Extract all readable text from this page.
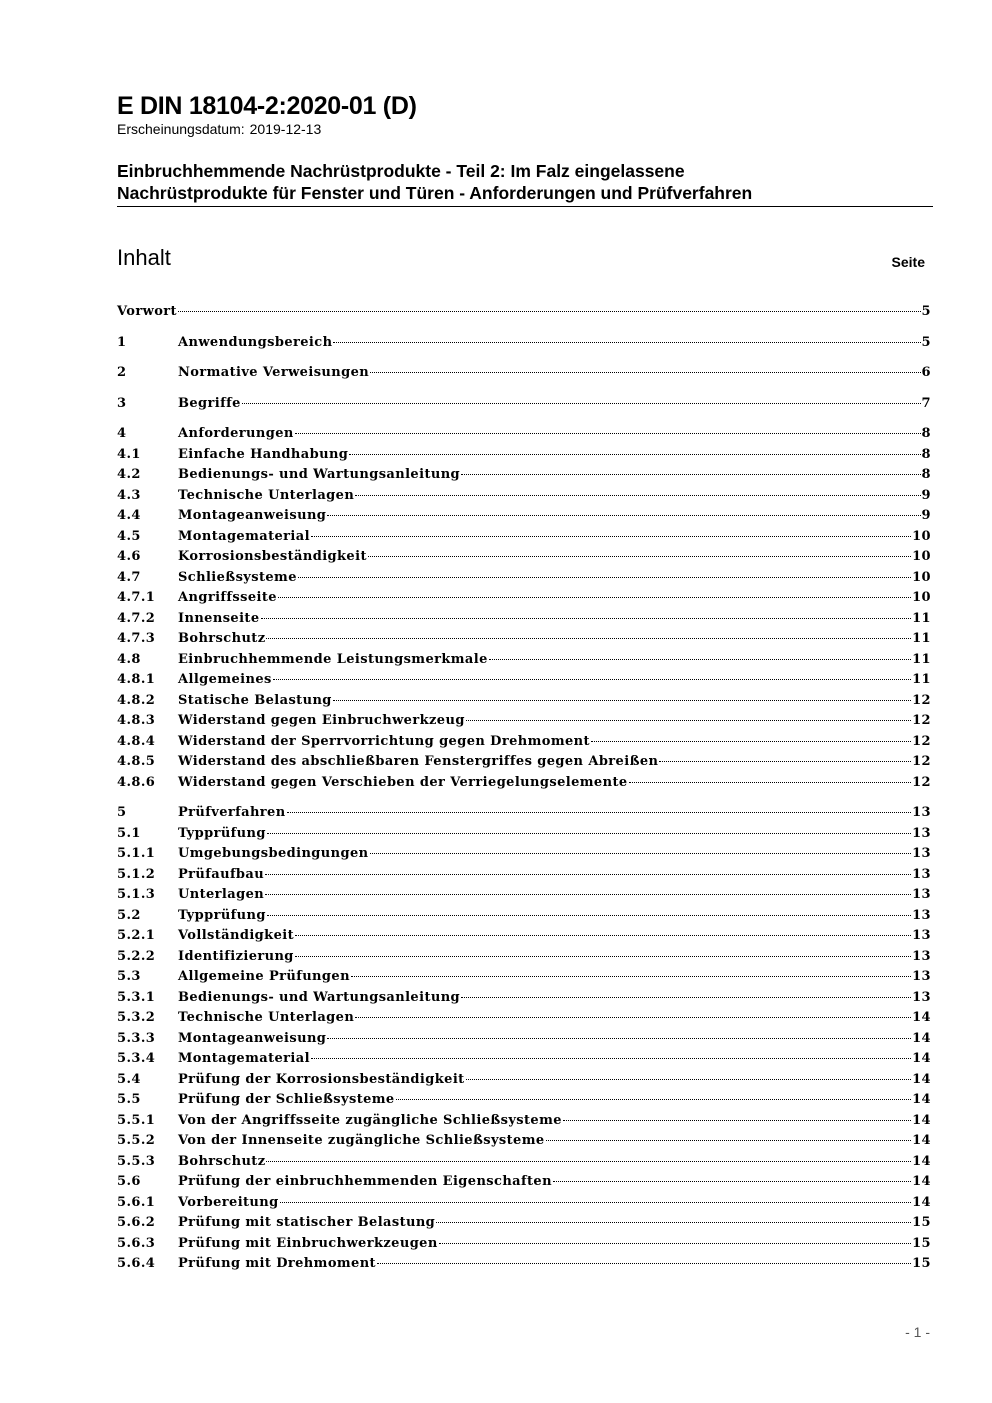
E DIN 18104-2:2020-01 (D)
Erscheinungsdatum: 2019-12-13
Einbruchhemmende Nachrüstprodukte - Teil 2: Im Falz eingelassene
Nachrüstprodukte für Fenster und Türen - Anforderungen und Prüfverfahren
Inhalt	Seite
Vorwort	5
1	Anwendungsbereich	5
2	Normative Verweisungen	6
3	Begriffe	7
4	Anforderungen	8
4.1	Einfache Handhabung	8
4.2	Bedienungs- und Wartungsanleitung	8
4.3	Technische Unterlagen	9
4.4	Montageanweisung	9
4.5	Montagematerial	10
4.6	Korrosionsbeständigkeit	10
4.7	Schließsysteme	10
4.7.1	Angriffsseite	10
4.7.2	Innenseite	11
4.7.3	Bohrschutz	11
4.8	Einbruchhemmende Leistungsmerkmale	11
4.8.1	Allgemeines	11
4.8.2	Statische Belastung	12
4.8.3	Widerstand gegen Einbruchwerkzeug	12
4.8.4	Widerstand der Sperrvorrichtung gegen Drehmoment	12
4.8.5	Widerstand des abschließbaren Fenstergriffes gegen Abreißen	12
4.8.6	Widerstand gegen Verschieben der Verriegelungselemente	12
5	Prüfverfahren	13
5.1	Typprüfung	13
5.1.1	Umgebungsbedingungen	13
5.1.2	Prüfaufbau	13
5.1.3	Unterlagen	13
5.2	Typprüfung	13
5.2.1	Vollständigkeit	13
5.2.2	Identifizierung	13
5.3	Allgemeine Prüfungen	13
5.3.1	Bedienungs- und Wartungsanleitung	13
5.3.2	Technische Unterlagen	14
5.3.3	Montageanweisung	14
5.3.4	Montagematerial	14
5.4	Prüfung der Korrosionsbeständigkeit	14
5.5	Prüfung der Schließsysteme	14
5.5.1	Von der Angriffsseite zugängliche Schließsysteme	14
5.5.2	Von der Innenseite zugängliche Schließsysteme	14
5.5.3	Bohrschutz	14
5.6	Prüfung der einbruchhemmenden Eigenschaften	14
5.6.1	Vorbereitung	14
5.6.2	Prüfung mit statischer Belastung	15
5.6.3	Prüfung mit Einbruchwerkzeugen	15
5.6.4	Prüfung mit Drehmoment	15
- 1 -
